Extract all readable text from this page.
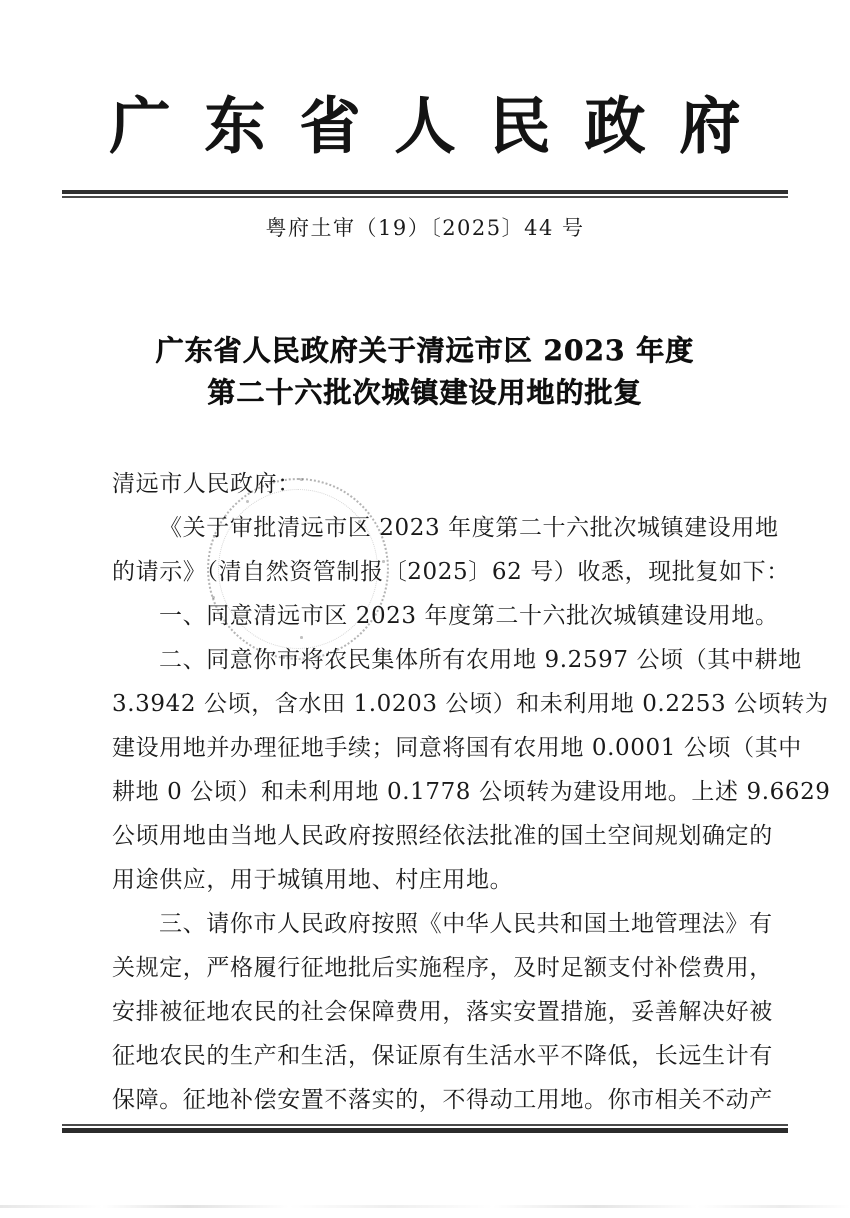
广东省人民政府
粤府土审（19）〔2025〕44 号
广东省人民政府关于清远市区 2023 年度
第二十六批次城镇建设用地的批复
清远市人民政府：
《关于审批清远市区 2023 年度第二十六批次城镇建设用地
的请示》（清自然资管制报〔2025〕62 号）收悉，现批复如下：
一、同意清远市区 2023 年度第二十六批次城镇建设用地。
二、同意你市将农民集体所有农用地 9.2597 公顷（其中耕地
3.3942 公顷，含水田 1.0203 公顷）和未利用地 0.2253 公顷转为
建设用地并办理征地手续；同意将国有农用地 0.0001 公顷（其中
耕地 0 公顷）和未利用地 0.1778 公顷转为建设用地。上述 9.6629
公顷用地由当地人民政府按照经依法批准的国土空间规划确定的
用途供应，用于城镇用地、村庄用地。
三、请你市人民政府按照《中华人民共和国土地管理法》有
关规定，严格履行征地批后实施程序，及时足额支付补偿费用，
安排被征地农民的社会保障费用，落实安置措施，妥善解决好被
征地农民的生产和生活，保证原有生活水平不降低，长远生计有
保障。征地补偿安置不落实的，不得动工用地。你市相关不动产
